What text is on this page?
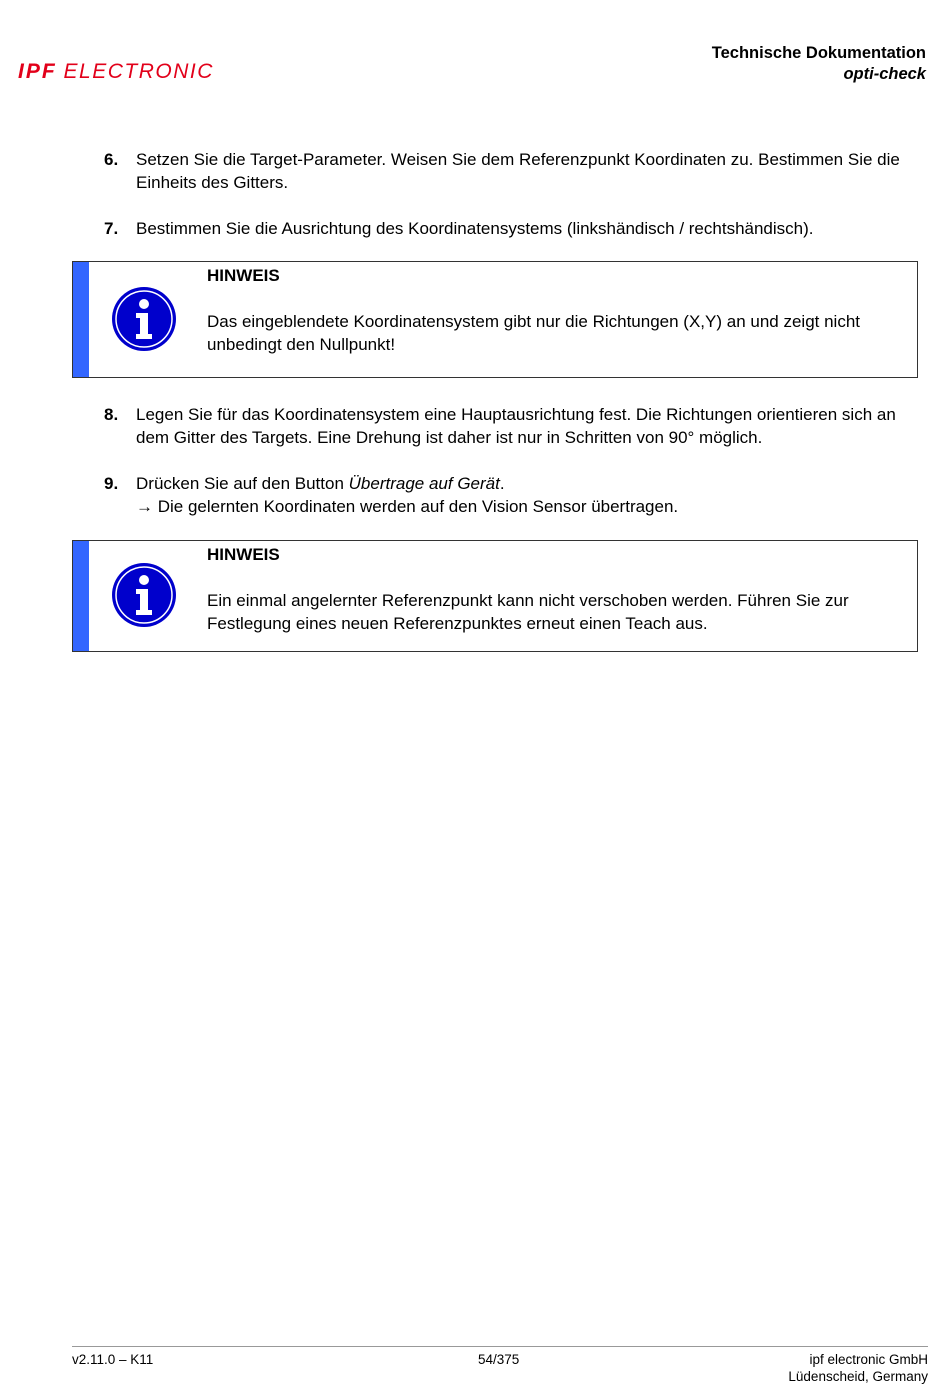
IPF ELECTRONIC
Technische Dokumentation
opti-check
6. Setzen Sie die Target-Parameter. Weisen Sie dem Referenzpunkt Koordinaten zu. Bestimmen Sie die Einheits des Gitters.
7. Bestimmen Sie die Ausrichtung des Koordinatensystems (linkshändisch / rechtshändisch).
HINWEIS
Das eingeblendete Koordinatensystem gibt nur die Richtungen (X,Y) an und zeigt nicht unbedingt den Nullpunkt!
8. Legen Sie für das Koordinatensystem eine Hauptausrichtung fest. Die Richtungen orientieren sich an dem Gitter des Targets. Eine Drehung ist daher ist nur in Schritten von 90° möglich.
9. Drücken Sie auf den Button Übertrage auf Gerät.
→ Die gelernten Koordinaten werden auf den Vision Sensor übertragen.
HINWEIS
Ein einmal angelernter Referenzpunkt kann nicht verschoben werden. Führen Sie zur Festlegung eines neuen Referenzpunktes erneut einen Teach aus.
v2.11.0 – K11	54/375	ipf electronic GmbH
Lüdenscheid, Germany
